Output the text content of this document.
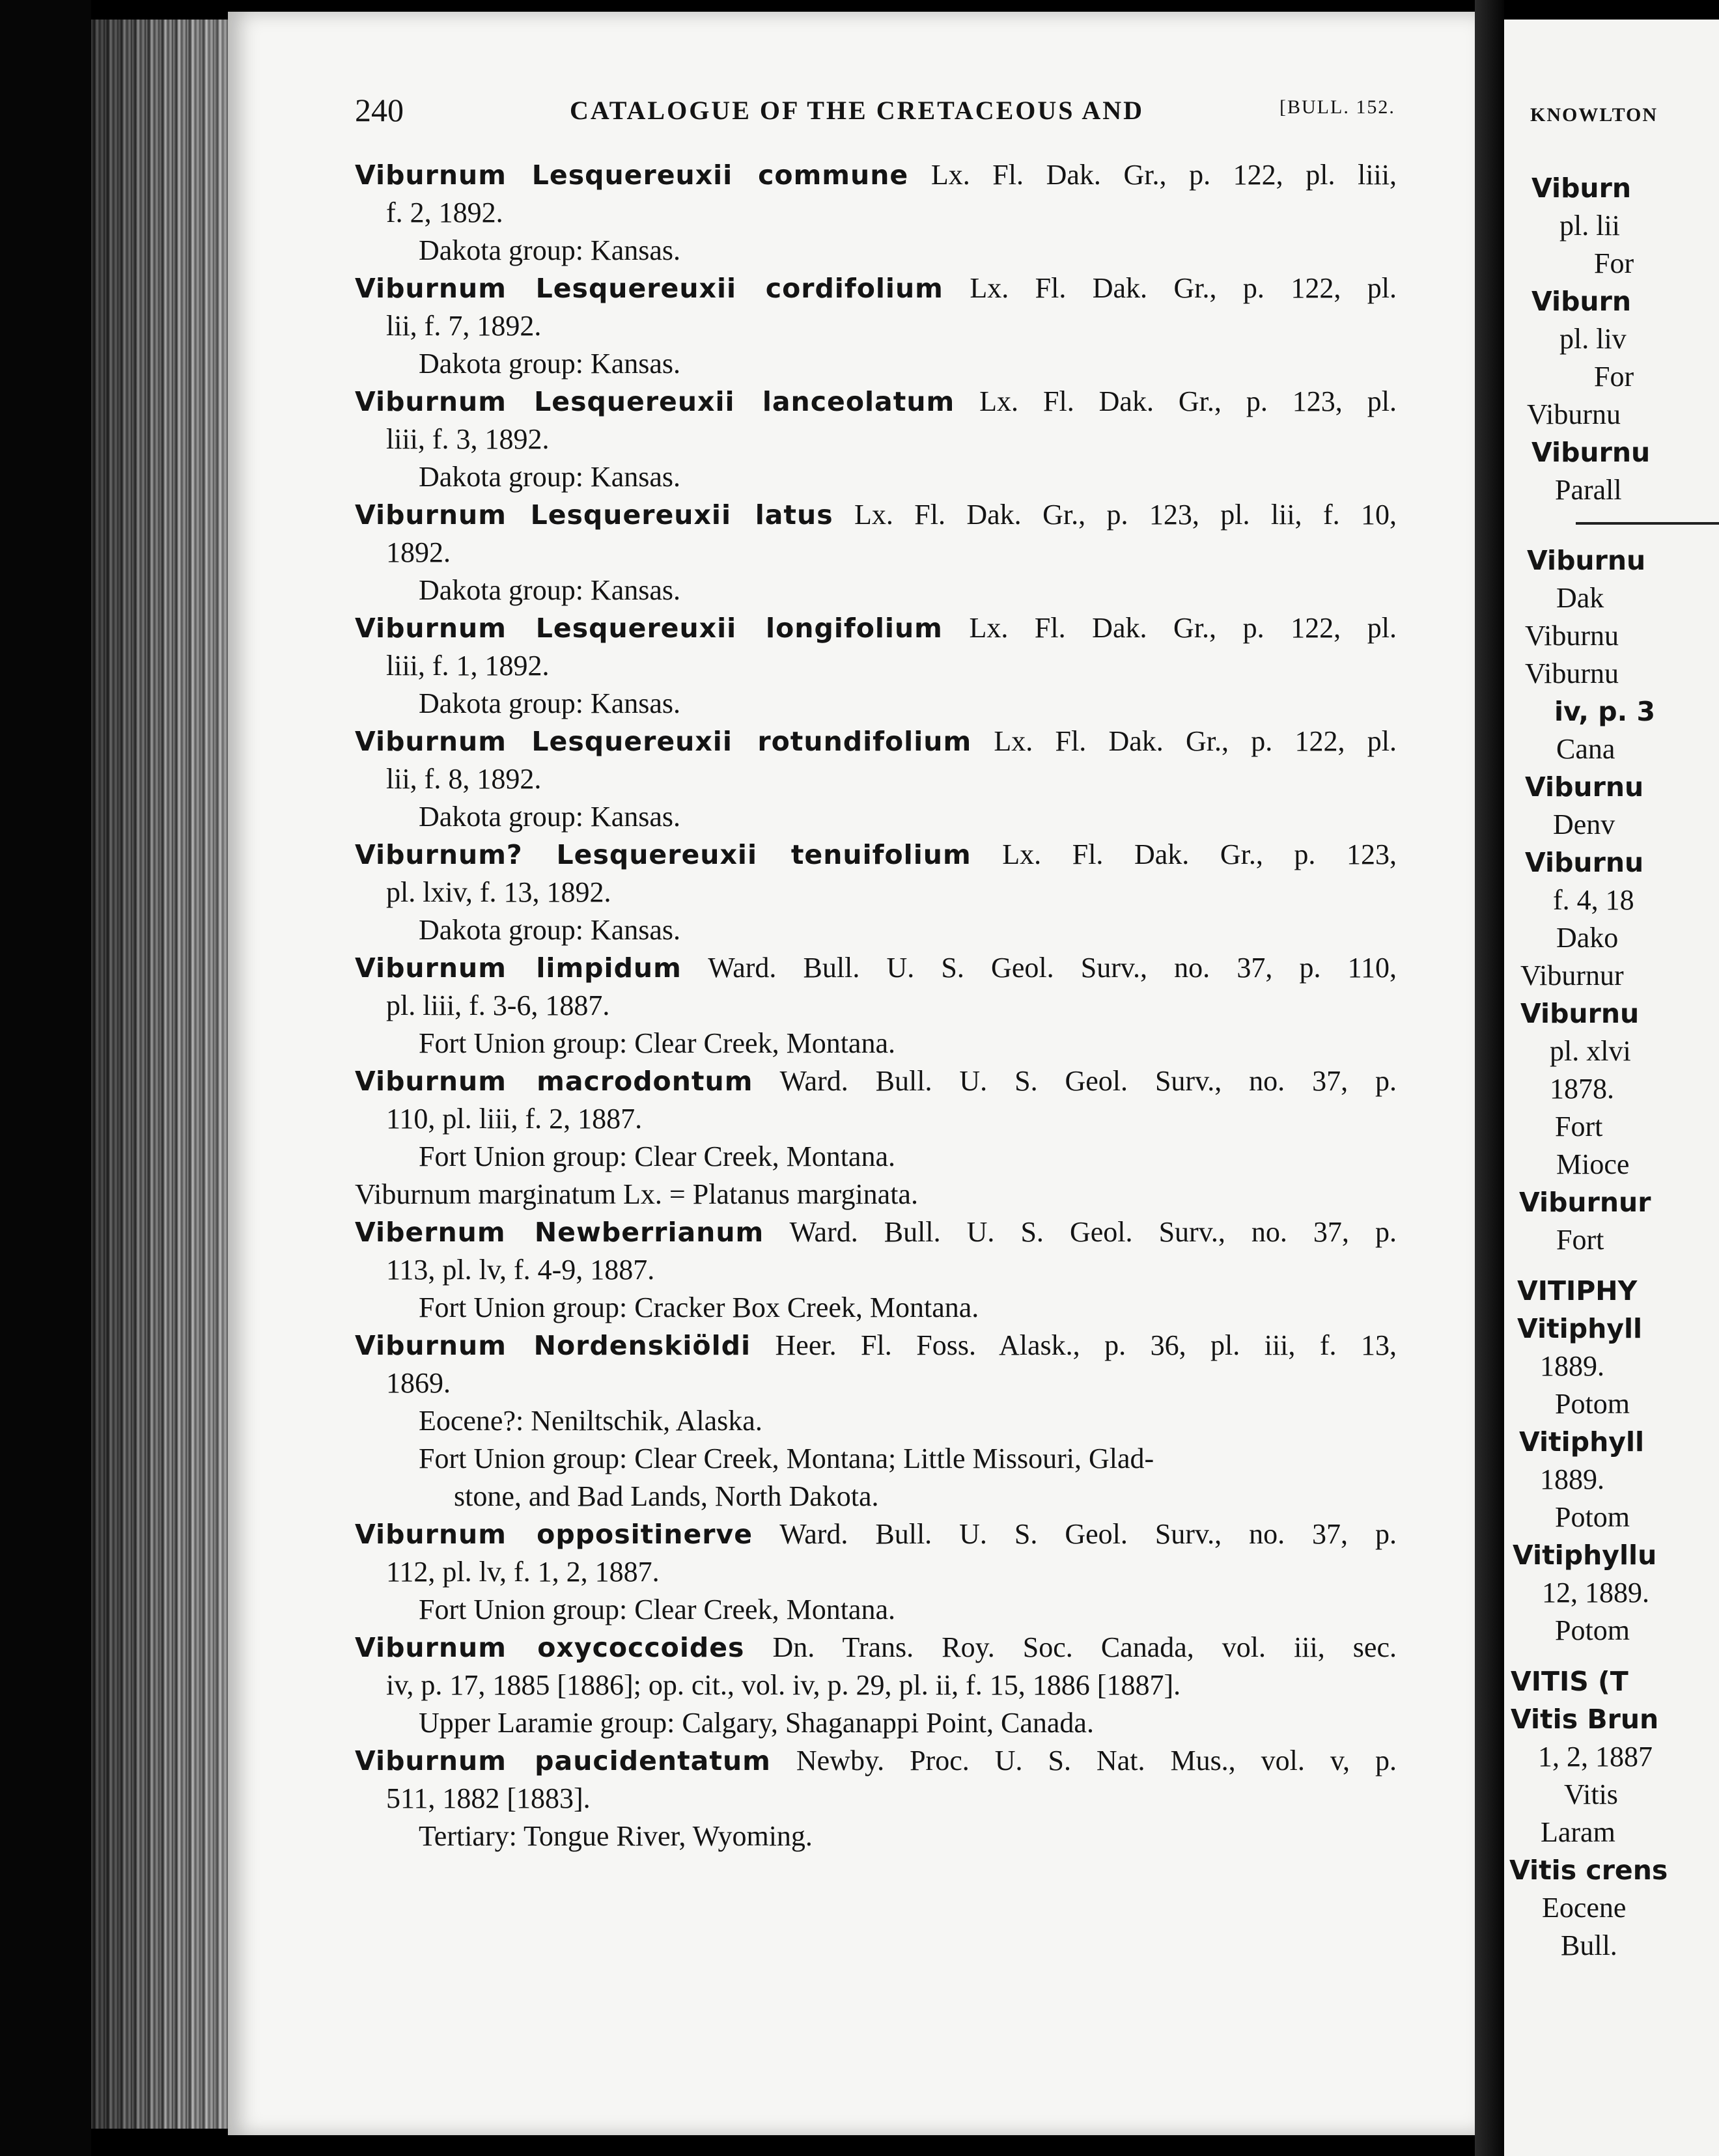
240	CATALOGUE OF THE CRETACEOUS AND	[BULL. 152.
Viburnum Lesquereuxii commune Lx. Fl. Dak. Gr., p. 122, pl. liii,
f. 2, 1892.
Dakota group: Kansas.
Viburnum Lesquereuxii cordifolium Lx. Fl. Dak. Gr., p. 122, pl.
lii, f. 7, 1892.
Dakota group: Kansas.
Viburnum Lesquereuxii lanceolatum Lx. Fl. Dak. Gr., p. 123, pl.
liii, f. 3, 1892.
Dakota group: Kansas.
Viburnum Lesquereuxii latus Lx. Fl. Dak. Gr., p. 123, pl. lii, f. 10,
1892.
Dakota group: Kansas.
Viburnum Lesquereuxii longifolium Lx. Fl. Dak. Gr., p. 122, pl.
liii, f. 1, 1892.
Dakota group: Kansas.
Viburnum Lesquereuxii rotundifolium Lx. Fl. Dak. Gr., p. 122, pl.
lii, f. 8, 1892.
Dakota group: Kansas.
Viburnum? Lesquereuxii tenuifolium Lx. Fl. Dak. Gr., p. 123,
pl. lxiv, f. 13, 1892.
Dakota group: Kansas.
Viburnum limpidum Ward. Bull. U. S. Geol. Surv., no. 37, p. 110,
pl. liii, f. 3-6, 1887.
Fort Union group: Clear Creek, Montana.
Viburnum macrodontum Ward. Bull. U. S. Geol. Surv., no. 37, p.
110, pl. liii, f. 2, 1887.
Fort Union group: Clear Creek, Montana.
Viburnum marginatum Lx. = Platanus marginata.
Vibernum Newberrianum Ward. Bull. U. S. Geol. Surv., no. 37, p.
113, pl. lv, f. 4-9, 1887.
Fort Union group: Cracker Box Creek, Montana.
Viburnum Nordenskiöldi Heer. Fl. Foss. Alask., p. 36, pl. iii, f. 13,
1869.
Eocene?: Neniltschik, Alaska.
Fort Union group: Clear Creek, Montana; Little Missouri, Glad-
stone, and Bad Lands, North Dakota.
Viburnum oppositinerve Ward. Bull. U. S. Geol. Surv., no. 37, p.
112, pl. lv, f. 1, 2, 1887.
Fort Union group: Clear Creek, Montana.
Viburnum oxycoccoides Dn. Trans. Roy. Soc. Canada, vol. iii, sec.
iv, p. 17, 1885 [1886]; op. cit., vol. iv, p. 29, pl. ii, f. 15, 1886 [1887].
Upper Laramie group: Calgary, Shaganappi Point, Canada.
Viburnum paucidentatum Newby. Proc. U. S. Nat. Mus., vol. v, p.
511, 1882 [1883].
Tertiary: Tongue River, Wyoming.
KNOWLTON
Viburn
pl. lii
For
Viburn
pl. liv
For
Viburnu
Viburnu
Parall
Viburnu
Dak
Viburnu
Viburnu
iv, p. 3
Cana
Viburnu
Denv
Viburnu
f. 4, 18
Dako
Viburnur
Viburnu
pl. xlvi
1878.
Fort
Mioce
Viburnur
Fort
VITIPHY
Vitiphyll
1889.
Potom
Vitiphyll
1889.
Potom
Vitiphyllu
12, 1889.
Potom
VITIS (T
Vitis Brun
1, 2, 1887
Vitis
Laram
Vitis crens
Eocene
Bull.
